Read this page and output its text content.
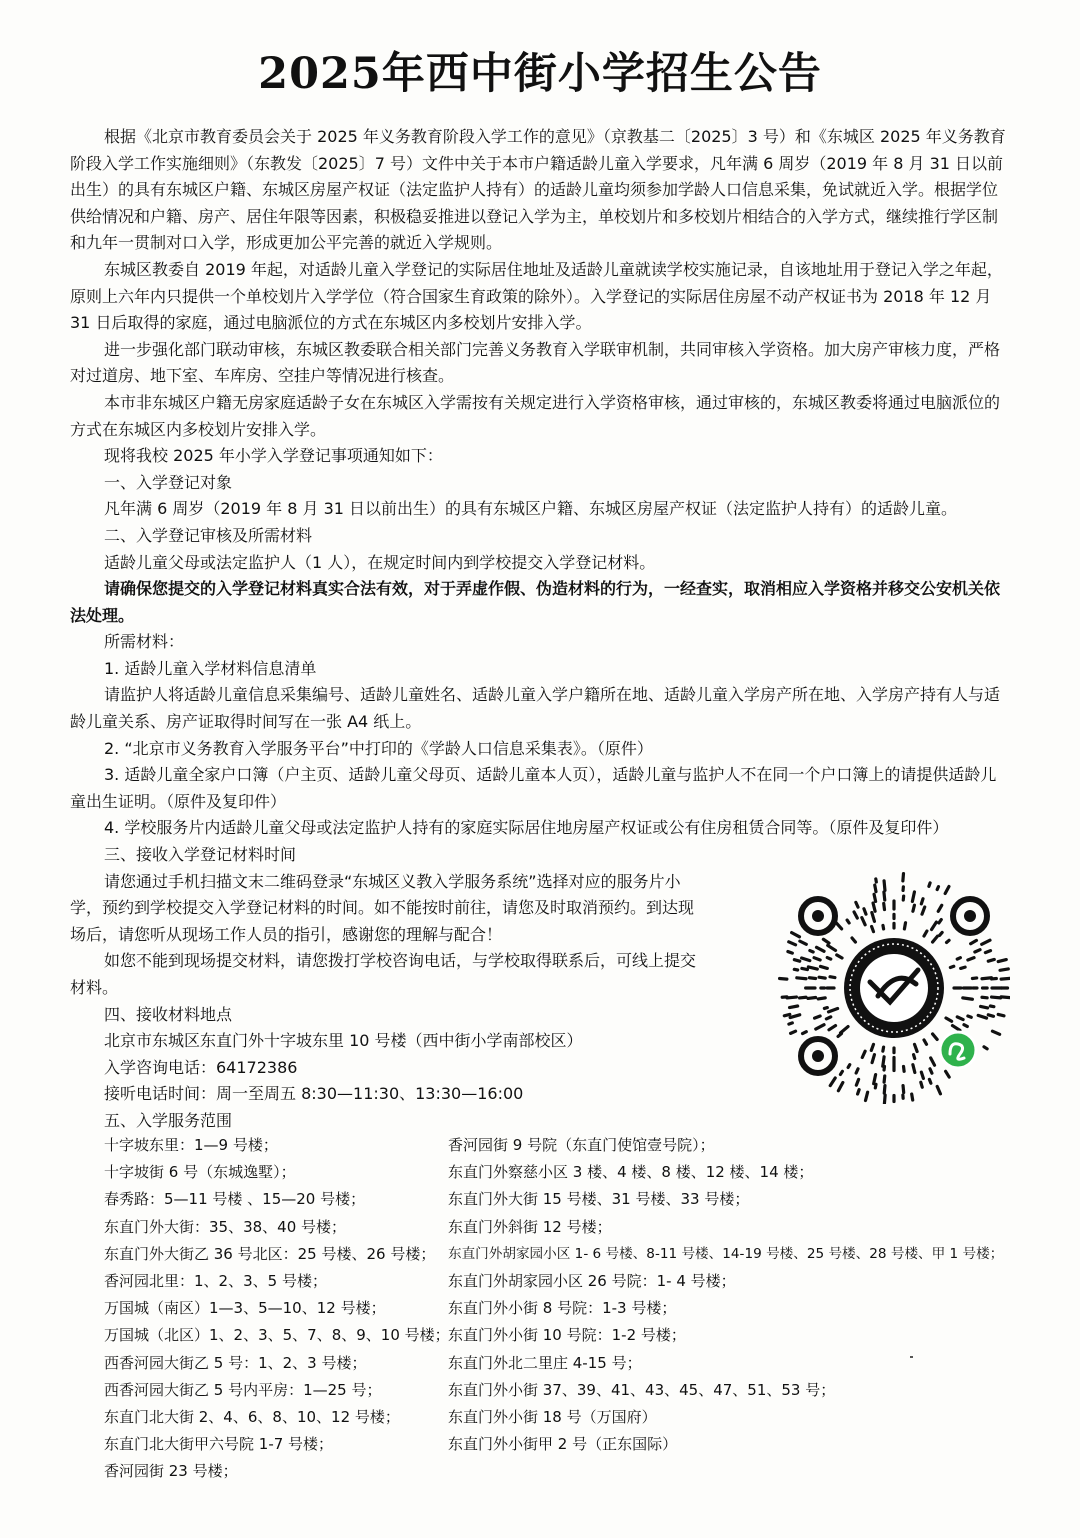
2025年西中街小学招生公告

根据《北京市教育委员会关于 2025 年义务教育阶段入学工作的意见》（京教基二〔2025〕3 号）和《东城区 2025 年义务教育阶段入学工作实施细则》（东教发〔2025〕7 号）文件中关于本市户籍适龄儿童入学要求，凡年满 6 周岁（2019 年 8 月 31 日以前出生）的具有东城区户籍、东城区房屋产权证（法定监护人持有）的适龄儿童均须参加学龄人口信息采集，免试就近入学。根据学位供给情况和户籍、房产、居住年限等因素，积极稳妥推进以登记入学为主，单校划片和多校划片相结合的入学方式，继续推行学区制和九年一贯制对口入学，形成更加公平完善的就近入学规则。

东城区教委自 2019 年起，对适龄儿童入学登记的实际居住地址及适龄儿童就读学校实施记录，自该地址用于登记入学之年起，原则上六年内只提供一个单校划片入学学位（符合国家生育政策的除外）。入学登记的实际居住房屋不动产权证书为 2018 年 12 月 31 日后取得的家庭，通过电脑派位的方式在东城区内多校划片安排入学。

进一步强化部门联动审核，东城区教委联合相关部门完善义务教育入学联审机制，共同审核入学资格。加大房产审核力度，严格对过道房、地下室、车库房、空挂户等情况进行核查。

本市非东城区户籍无房家庭适龄子女在东城区入学需按有关规定进行入学资格审核，通过审核的，东城区教委将通过电脑派位的方式在东城区内多校划片安排入学。

现将我校 2025 年小学入学登记事项通知如下：

一、入学登记对象

凡年满 6 周岁（2019 年 8 月 31 日以前出生）的具有东城区户籍、东城区房屋产权证（法定监护人持有）的适龄儿童。

二、入学登记审核及所需材料

适龄儿童父母或法定监护人（1 人），在规定时间内到学校提交入学登记材料。

请确保您提交的入学登记材料真实合法有效，对于弄虚作假、伪造材料的行为，一经查实，取消相应入学资格并移交公安机关依法处理。

所需材料：

1. 适龄儿童入学材料信息清单

请监护人将适龄儿童信息采集编号、适龄儿童姓名、适龄儿童入学户籍所在地、适龄儿童入学房产所在地、入学房产持有人与适龄儿童关系、房产证取得时间写在一张 A4 纸上。

2. “北京市义务教育入学服务平台”中打印的《学龄人口信息采集表》。（原件）

3. 适龄儿童全家户口簿（户主页、适龄儿童父母页、适龄儿童本人页），适龄儿童与监护人不在同一个户口簿上的请提供适龄儿童出生证明。（原件及复印件）

4. 学校服务片内适龄儿童父母或法定监护人持有的家庭实际居住地房屋产权证或公有住房租赁合同等。（原件及复印件）

三、接收入学登记材料时间

请您通过手机扫描文末二维码登录“东城区义教入学服务系统”选择对应的服务片小学，预约到学校提交入学登记材料的时间。如不能按时前往，请您及时取消预约。到达现场后，请您听从现场工作人员的指引，感谢您的理解与配合！

如您不能到现场提交材料，请您拨打学校咨询电话，与学校取得联系后，可线上提交材料。

四、接收材料地点

北京市东城区东直门外十字坡东里 10 号楼（西中街小学南部校区）

入学咨询电话：64172386

接听电话时间：周一至周五 8:30—11:30、13:30—16:00

五、入学服务范围

十字坡东里：1—9 号楼；
十字坡街 6 号（东城逸墅）；
春秀路：5—11 号楼 、15—20 号楼；
东直门外大街：35、38、40 号楼；
东直门外大街乙 36 号北区：25 号楼、26 号楼；
香河园北里：1、2、3、5 号楼；
万国城（南区）1—3、5—10、12 号楼；
万国城（北区）1、2、3、5、7、8、9、10 号楼；
西香河园大街乙 5 号：1、2、3 号楼；
西香河园大街乙 5 号内平房：1—25 号；
东直门北大街 2、4、6、8、10、12 号楼；
东直门北大街甲六号院 1-7 号楼；
香河园街 23 号楼；
香河园街 9 号院（东直门使馆壹号院）；
东直门外察慈小区 3 楼、4 楼、8 楼、12 楼、14 楼；
东直门外大街 15 号楼、31 号楼、33 号楼；
东直门外斜街 12 号楼；
东直门外胡家园小区 1- 6 号楼、8-11 号楼、14-19 号楼、25 号楼、28 号楼、甲 1 号楼；
东直门外胡家园小区 26 号院：1- 4 号楼；
东直门外小街 8 号院：1-3 号楼；
东直门外小街 10 号院：1-2 号楼；
东直门外北二里庄 4-15 号；
东直门外小街 37、39、41、43、45、47、51、53 号；
东直门外小街 18 号（万国府）
东直门外小街甲 2 号（正东国际）
